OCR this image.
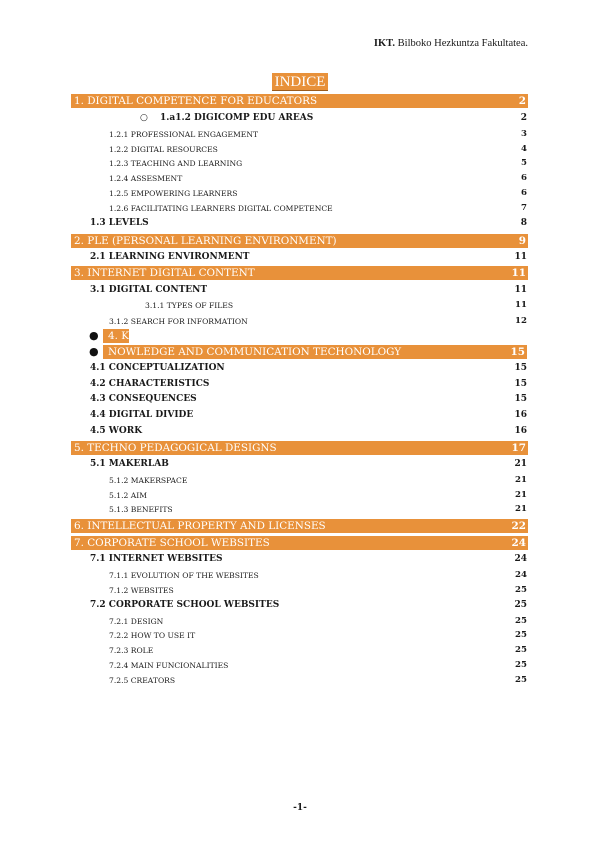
IKT. Bilboko Hezkuntza Fakultatea.
INDICE
1. DIGITAL COMPETENCE FOR EDUCATORS	2
○ 1.a1.2 DIGICOMP EDU AREAS	2
1.2.1 PROFESSIONAL ENGAGEMENT	3
1.2.2 DIGITAL RESOURCES	4
1.2.3 TEACHING AND LEARNING	5
1.2.4 ASSESMENT	6
1.2.5 EMPOWERING LEARNERS	6
1.2.6 FACILITATING LEARNERS DIGITAL COMPETENCE	7
1.3 LEVELS	8
2. PLE (PERSONAL LEARNING ENVIRONMENT)	9
2.1 LEARNING ENVIRONMENT	11
3. INTERNET DIGITAL CONTENT	11
3.1 DIGITAL CONTENT	11
3.1.1 TYPES OF FILES	11
3.1.2 SEARCH FOR INFORMATION	12
● 4. K
● NOWLEDGE AND COMMUNICATION TECHONOLOGY	15
4.1 CONCEPTUALIZATION	15
4.2 CHARACTERISTICS	15
4.3 CONSEQUENCES	15
4.4 DIGITAL DIVIDE	16
4.5 WORK	16
5. TECHNO PEDAGOGICAL DESIGNS	17
5.1 MAKERLAB	21
5.1.2 MAKERSPACE	21
5.1.2 AIM	21
5.1.3 BENEFITS	21
6. INTELLECTUAL PROPERTY AND LICENSES	22
7. CORPORATE SCHOOL WEBSITES	24
7.1 INTERNET WEBSITES	24
7.1.1 EVOLUTION OF THE WEBSITES	24
7.1.2 WEBSITES	25
7.2 CORPORATE SCHOOL WEBSITES	25
7.2.1 DESIGN	25
7.2.2 HOW TO USE IT	25
7.2.3 ROLE	25
7.2.4 MAIN FUNCIONALITIES	25
7.2.5 CREATORS	25
-1-
